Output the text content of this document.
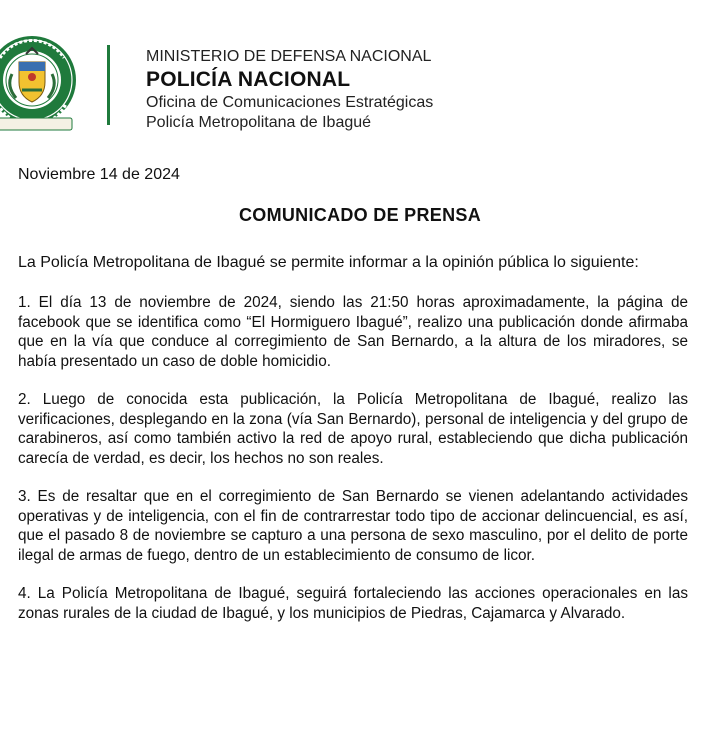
MINISTERIO DE DEFENSA NACIONAL
POLICÍA NACIONAL
Oficina de Comunicaciones Estratégicas
Policía Metropolitana de Ibagué
Noviembre 14 de 2024
COMUNICADO DE PRENSA
La Policía Metropolitana de Ibagué se permite informar a la opinión pública lo siguiente:

1. El día 13 de noviembre de 2024, siendo las 21:50 horas aproximadamente, la página de facebook que se identifica como “El Hormiguero Ibagué”, realizo una publicación donde afirmaba que en la vía que conduce al corregimiento de San Bernardo, a la altura de los miradores, se había presentado un caso de doble homicidio.

2. Luego de conocida esta publicación, la Policía Metropolitana de Ibagué, realizo las verificaciones, desplegando en la zona (vía San Bernardo), personal de inteligencia y del grupo de carabineros, así como también activo la red de apoyo rural, estableciendo que dicha publicación carecía de verdad, es decir, los hechos no son reales.

3. Es de resaltar que en el corregimiento de San Bernardo se vienen adelantando actividades operativas y de inteligencia, con el fin de contrarrestar todo tipo de accionar delincuencial, es así, que el pasado 8 de noviembre se capturo a una persona de sexo masculino, por el delito de porte ilegal de armas de fuego, dentro de un establecimiento de consumo de licor.

4. La Policía Metropolitana de Ibagué, seguirá fortaleciendo las acciones operacionales en las zonas rurales de la ciudad de Ibagué, y los municipios de Piedras, Cajamarca y Alvarado.
